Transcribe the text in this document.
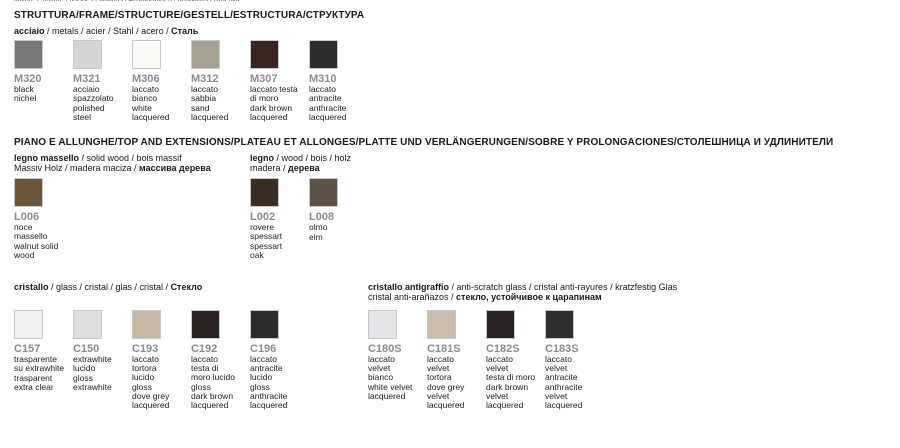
STRUTTURA/FRAME/STRUCTURE/GESTELL/ESTRUCTURA/СТРУКТУРА
acciaio / metals / acier / Stahl / acero / Сталь
M320
black
nichel
M321
acciaio
spazzolato
polished
steel
M306
laccato
bianco
white
lacquered
M312
laccato
sabbia
sand
lacquered
M307
laccato testa
di moro
dark brown
lacquered
M310
laccato
antracite
anthracite
lacquered
PIANO E ALLUNGHE/TOP AND EXTENSIONS/PLATEAU ET ALLONGES/PLATTE UND VERLÄNGERUNGEN/SOBRE Y PROLONGACIONES/СТОЛЕШНИЦА И УДЛИНИТЕЛИ
legno massello / solid wood / bois massif
Massiv Holz / madera maciza / массива дерева
legno / wood / bois / holz
madera / дерева
L006
noce
massello
walnut solid
wood
L002
rovere
spessart
spessart
oak
L008
olmo
elm
cristallo / glass / cristal / glas / cristal / Стекло	cristallo antigraffio / anti-scratch glass / cristal anti-rayures / kratzfestig Glas
cristal anti-arañazos / стекло, устойчивое к царапинам
C157
trasparente
su extrawhite
trasparent
extra clear
C150
extrawhite
lucido
gloss
extrawhite
C193
laccato
tortora
lucido
gloss
dove grey
lacquered
C192
laccato
testa di
moro lucido
gloss
dark brown
lacquered
C196
laccato
antracite
lucido
gloss
anthracite
lacquered
C180S
laccato
velvet
bianco
white velvet
lacquered
C181S
laccato
velvet
tortora
dove grey
velvet
lacquered
C182S
laccato
velvet
testa di moro
dark brown
velvet
lacquered
C183S
laccato
velvet
antracite
anthracite
velvet
lacquered
